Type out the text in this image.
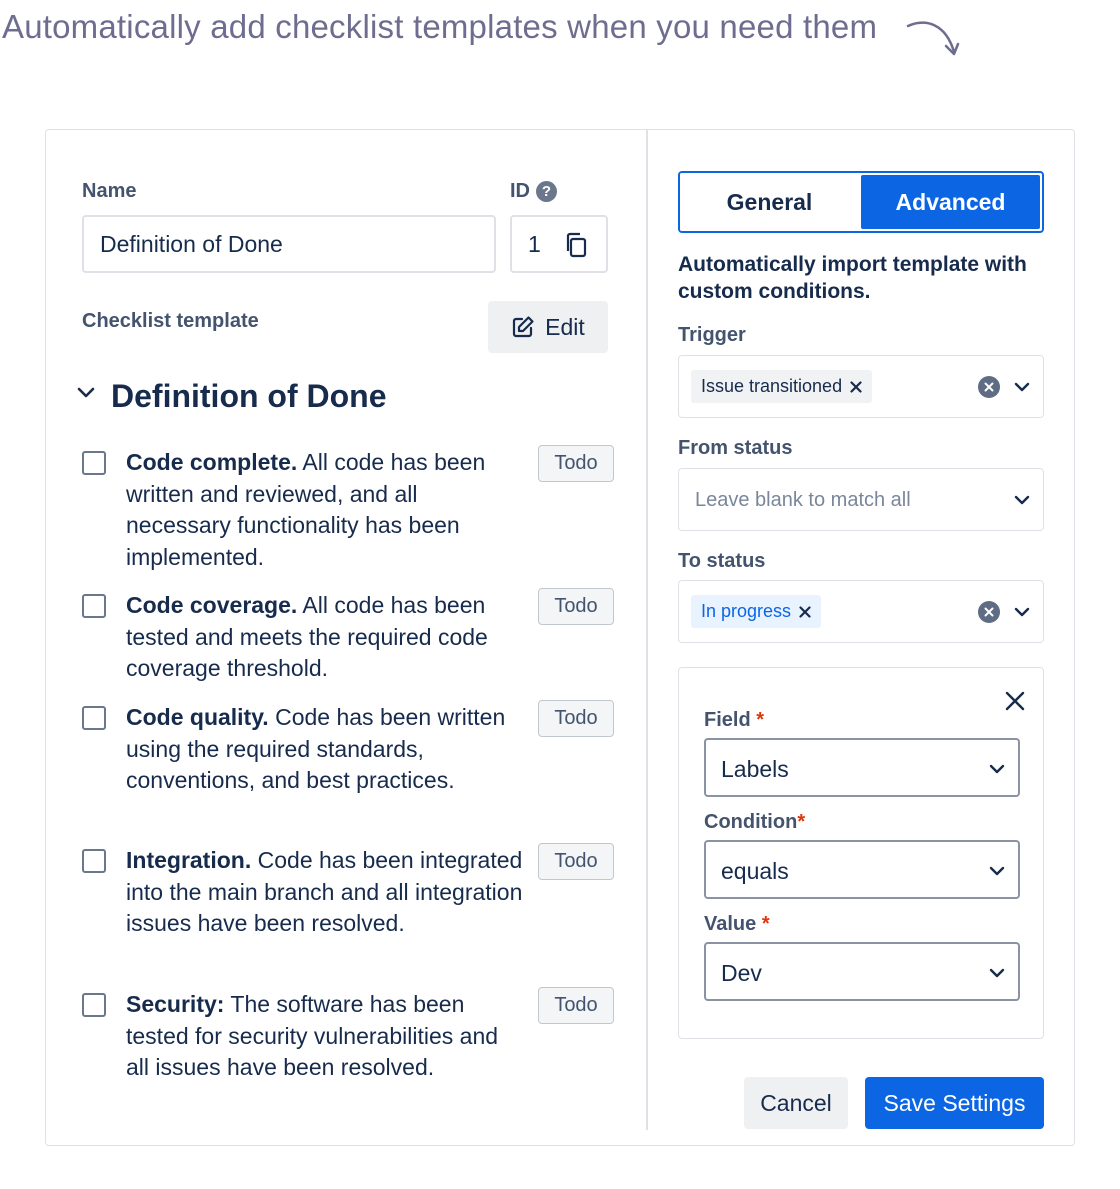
Automatically add checklist templates when you need them
Name
Definition of Done
ID ?
1
Checklist template	Edit
Definition of Done
Code complete. All code has been written and reviewed, and all necessary functionality has been implemented.
Todo
Code coverage. All code has been tested and meets the required code coverage threshold.
Todo
Code quality. Code has been written using the required standards, conventions, and best practices.
Todo
Integration. Code has been integrated into the main branch and all integration issues have been resolved.
Todo
Security: The software has been tested for security vulnerabilities and all issues have been resolved.
Todo
General	Advanced
Automatically import template with custom conditions.
Trigger
Issue transitioned
From status
Leave blank to match all
To status
In progress
Field *
Labels
Condition*
equals
Value *
Dev
Cancel	Save Settings
